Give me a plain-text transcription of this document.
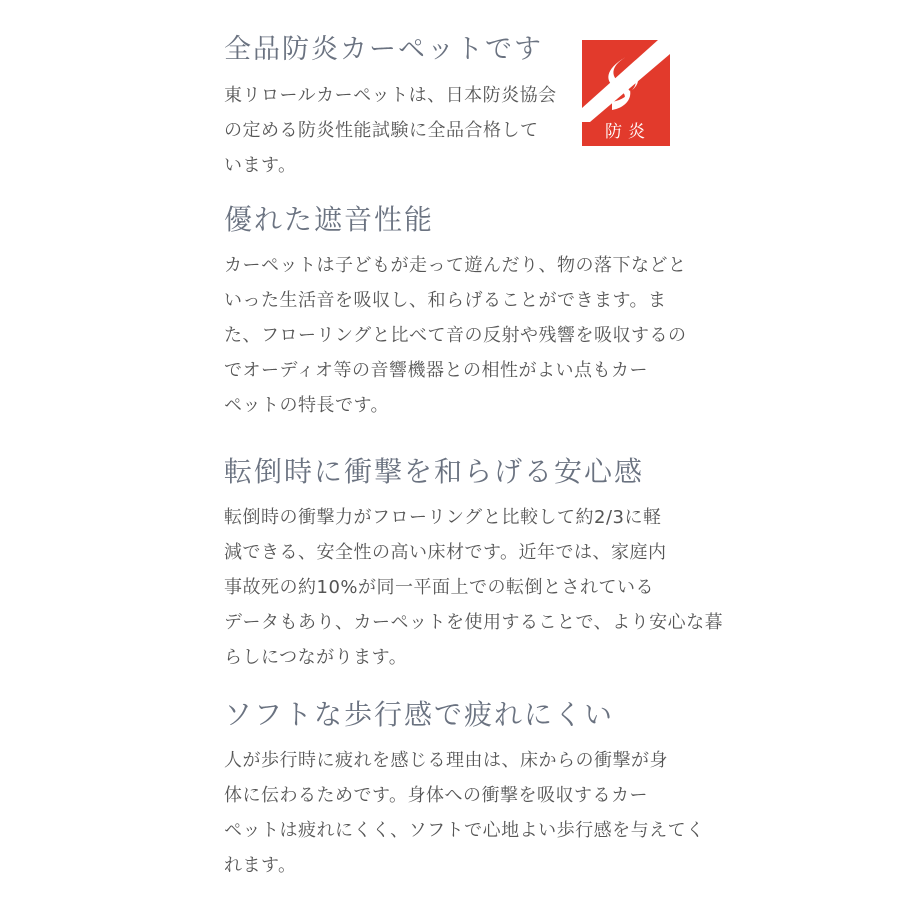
全品防炎カーペットです
東リロールカーペットは、日本防炎協会
の定める防炎性能試験に全品合格して
います。
防炎
優れた遮音性能
カーペットは子どもが走って遊んだり、物の落下などと
いった生活音を吸収し、和らげることができます。ま
た、フローリングと比べて音の反射や残響を吸収するの
でオーディオ等の音響機器との相性がよい点もカー
ペットの特長です。
転倒時に衝撃を和らげる安心感
転倒時の衝撃力がフローリングと比較して約2/3に軽
減できる、安全性の高い床材です。近年では、家庭内
事故死の約10%が同一平面上での転倒とされている
データもあり、カーペットを使用することで、より安心な暮
らしにつながります。
ソフトな歩行感で疲れにくい
人が歩行時に疲れを感じる理由は、床からの衝撃が身
体に伝わるためです。身体への衝撃を吸収するカー
ペットは疲れにくく、ソフトで心地よい歩行感を与えてく
れます。
